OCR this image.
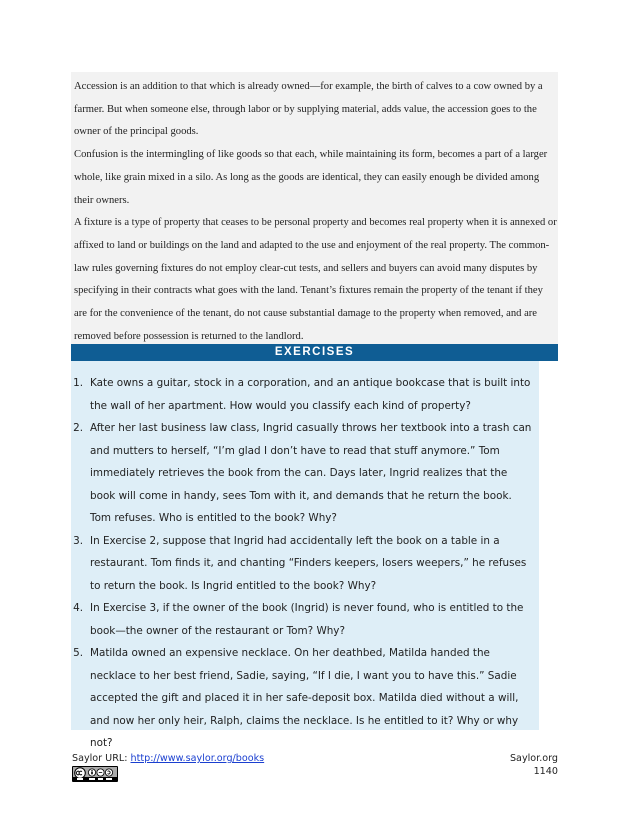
Accession is an addition to that which is already owned—for example, the birth of calves to a cow owned by a farmer. But when someone else, through labor or by supplying material, adds value, the accession goes to the owner of the principal goods.

Confusion is the intermingling of like goods so that each, while maintaining its form, becomes a part of a larger whole, like grain mixed in a silo. As long as the goods are identical, they can easily enough be divided among their owners.

A fixture is a type of property that ceases to be personal property and becomes real property when it is annexed or affixed to land or buildings on the land and adapted to the use and enjoyment of the real property. The common-law rules governing fixtures do not employ clear-cut tests, and sellers and buyers can avoid many disputes by specifying in their contracts what goes with the land. Tenant’s fixtures remain the property of the tenant if they are for the convenience of the tenant, do not cause substantial damage to the property when removed, and are removed before possession is returned to the landlord.

EXERCISES
1. Kate owns a guitar, stock in a corporation, and an antique bookcase that is built into the wall of her apartment. How would you classify each kind of property?
2. After her last business law class, Ingrid casually throws her textbook into a trash can and mutters to herself, “I’m glad I don’t have to read that stuff anymore.” Tom immediately retrieves the book from the can. Days later, Ingrid realizes that the book will come in handy, sees Tom with it, and demands that he return the book. Tom refuses. Who is entitled to the book? Why?
3. In Exercise 2, suppose that Ingrid had accidentally left the book on a table in a restaurant. Tom finds it, and chanting “Finders keepers, losers weepers,” he refuses to return the book. Is Ingrid entitled to the book? Why?
4. In Exercise 3, if the owner of the book (Ingrid) is never found, who is entitled to the book—the owner of the restaurant or Tom? Why?
5. Matilda owned an expensive necklace. On her deathbed, Matilda handed the necklace to her best friend, Sadie, saying, “If I die, I want you to have this.” Sadie accepted the gift and placed it in her safe-deposit box. Matilda died without a will, and now her only heir, Ralph, claims the necklace. Is he entitled to it? Why or why not?
Saylor URL: http://www.saylor.org/books	Saylor.org
1140
